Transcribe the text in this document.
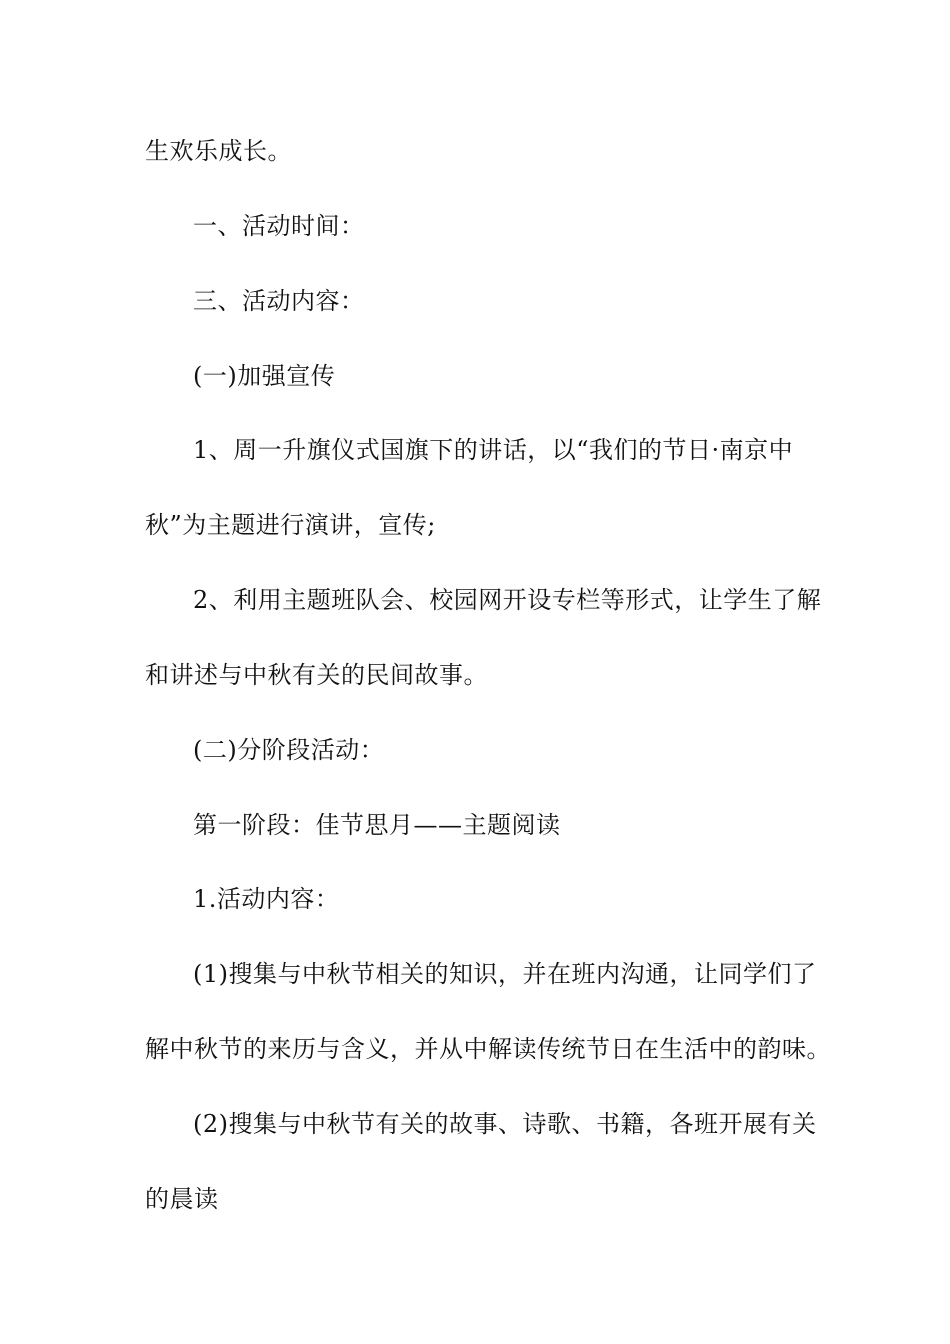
生欢乐成长。
一、活动时间：
三、活动内容：
(一)加强宣传
1、周一升旗仪式国旗下的讲话，以“我们的节日·南京中
秋”为主题进行演讲，宣传;
2、利用主题班队会、校园网开设专栏等形式，让学生了解
和讲述与中秋有关的民间故事。
(二)分阶段活动：
第一阶段：佳节思月——主题阅读
1.活动内容：
(1)搜集与中秋节相关的知识，并在班内沟通，让同学们了
解中秋节的来历与含义，并从中解读传统节日在生活中的韵味。
(2)搜集与中秋节有关的故事、诗歌、书籍，各班开展有关
的晨读
